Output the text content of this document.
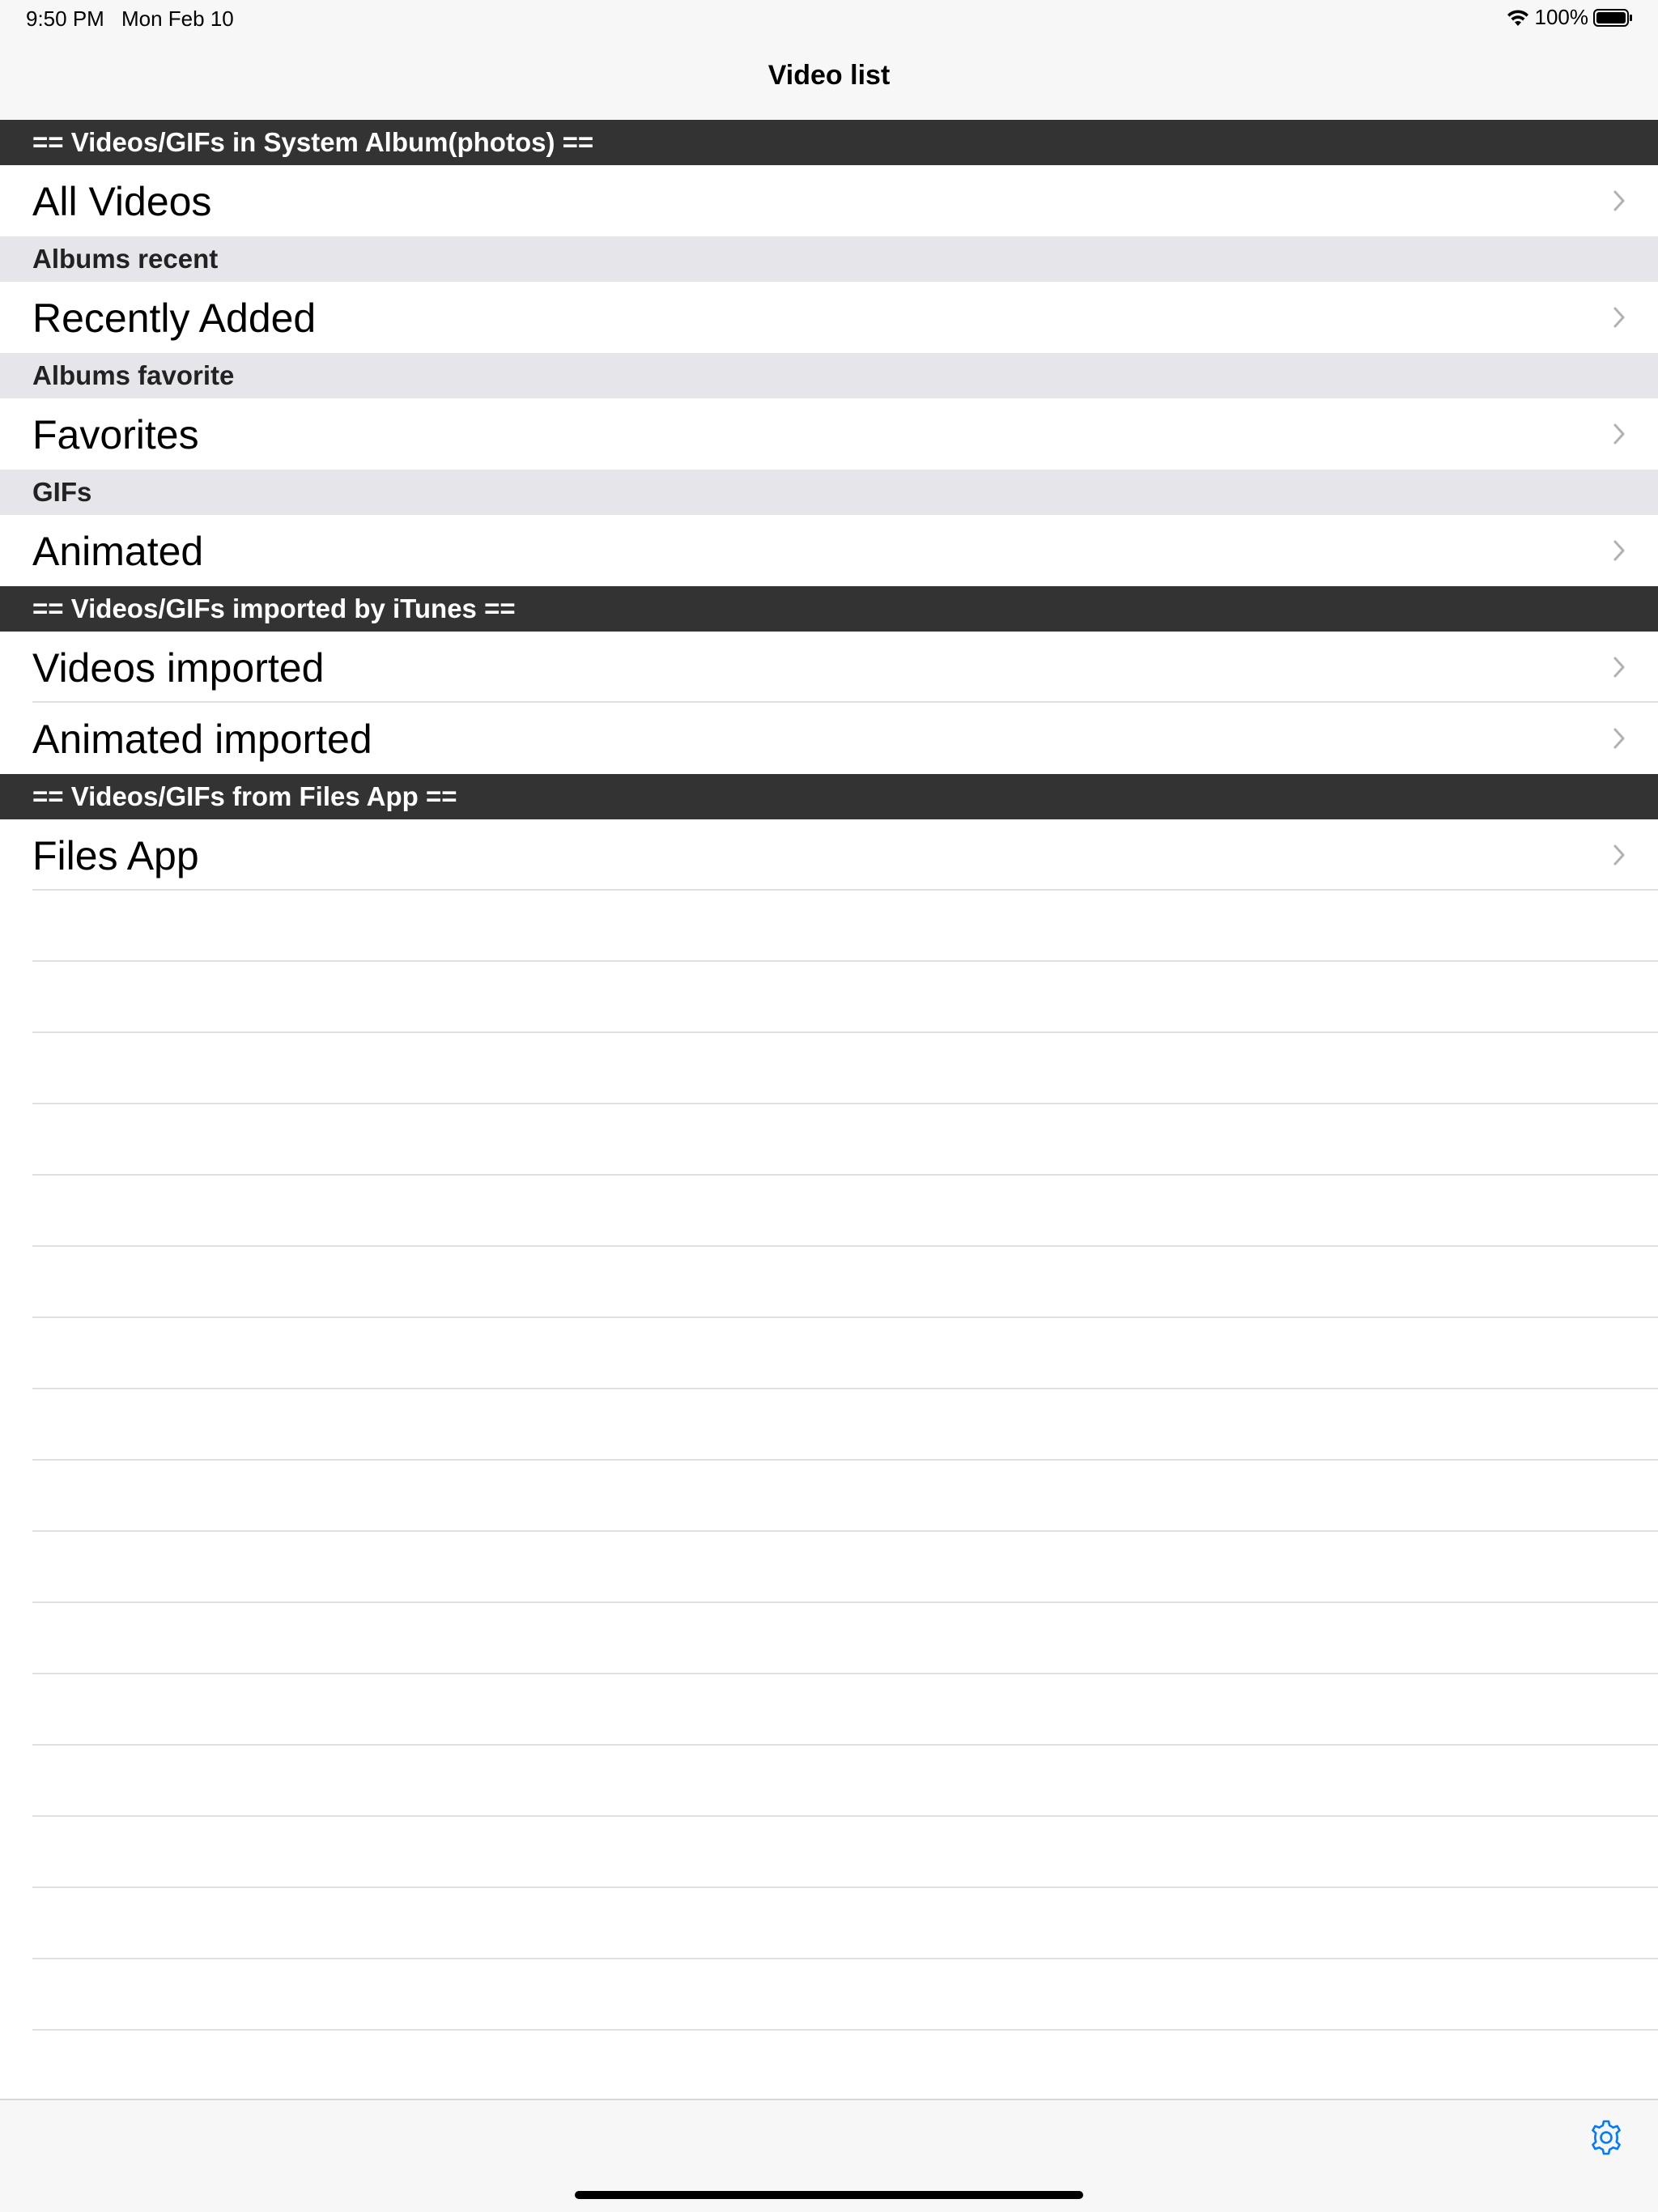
9:50 PM Mon Feb 10	100%
Video list
== Videos/GIFs in System Album(photos) ==
All Videos
Albums recent
Recently Added
Albums favorite
Favorites
GIFs
Animated
== Videos/GIFs imported by iTunes ==
Videos imported
Animated imported
== Videos/GIFs from Files App ==
Files App
